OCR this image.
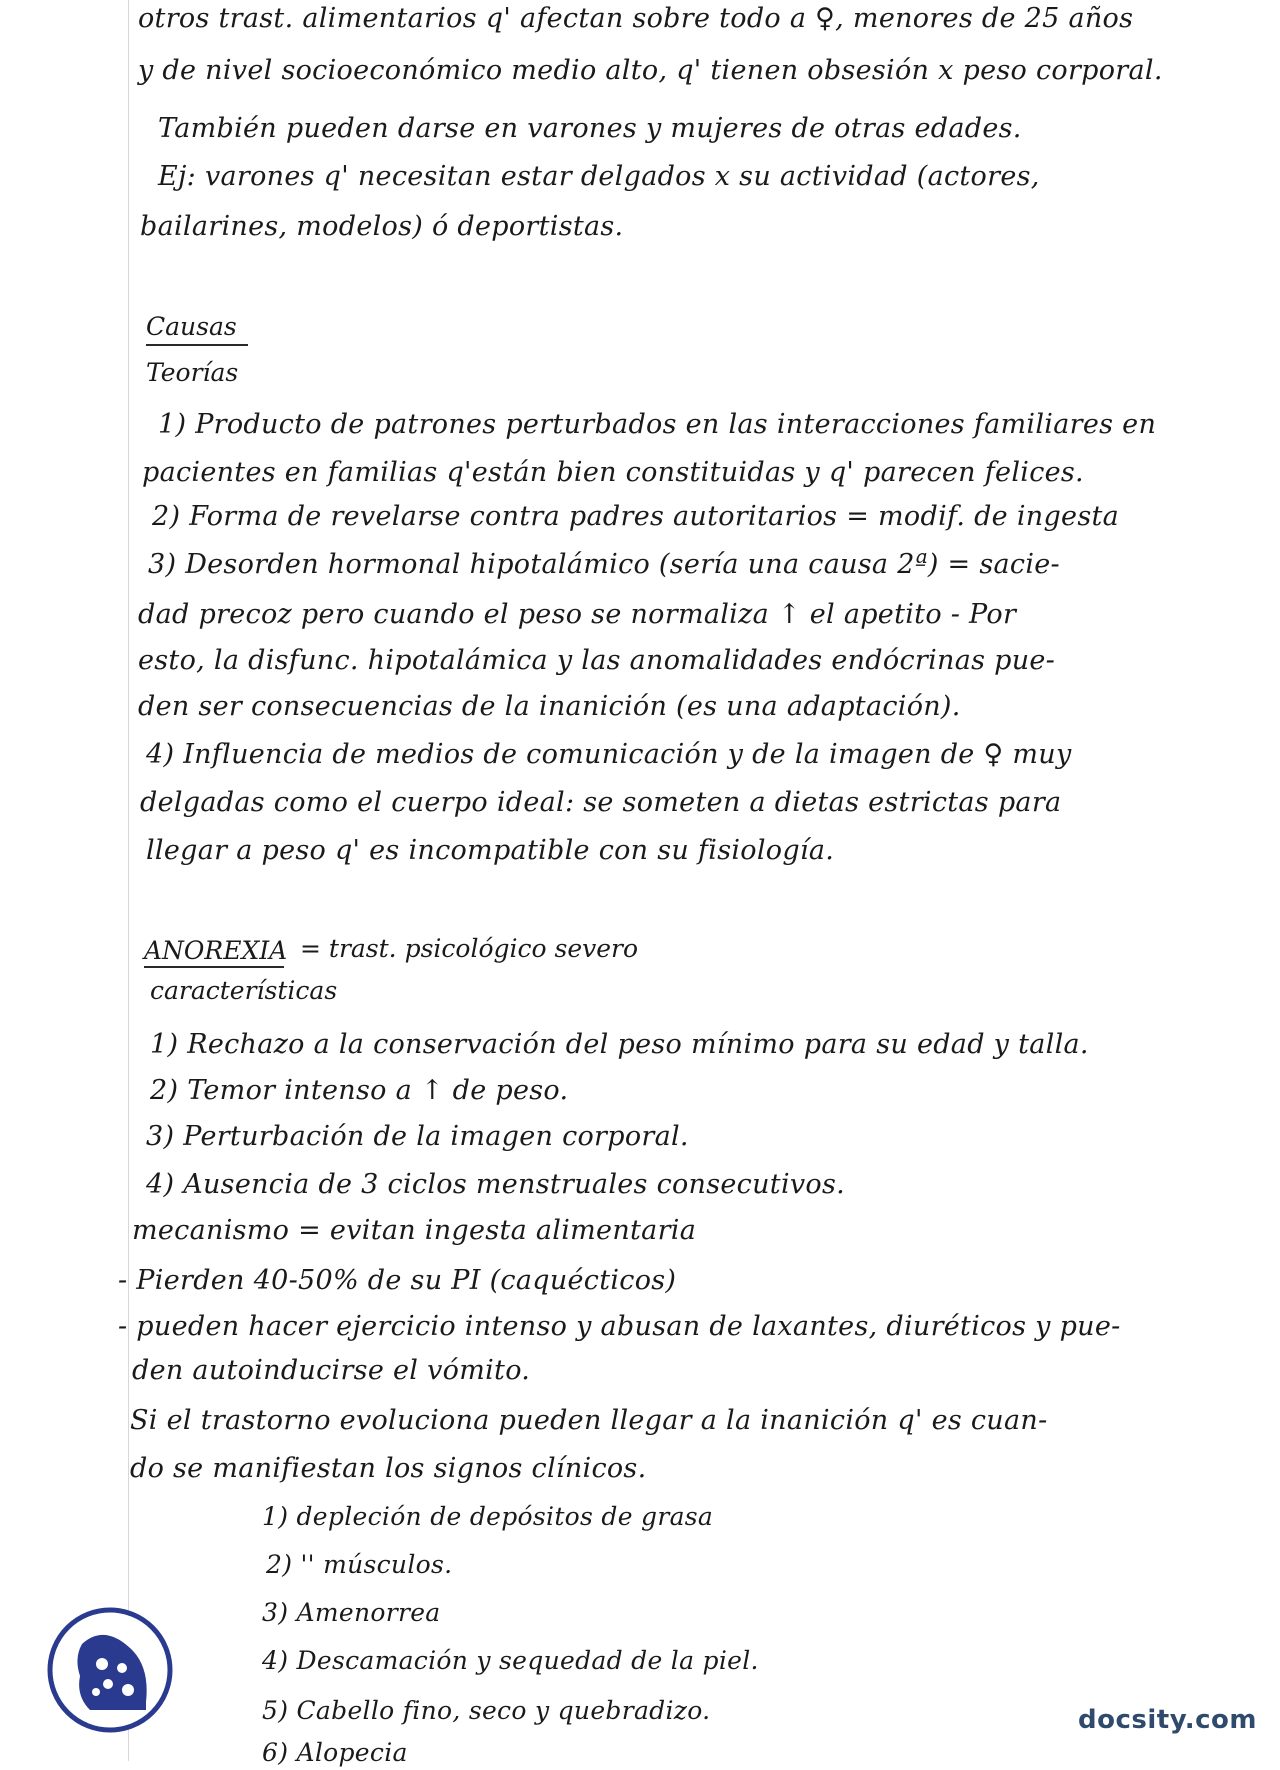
otros trast. alimentarios q' afectan sobre todo a ♀, menores de 25 años
y de nivel socioeconómico medio alto, q' tienen obsesión x peso corporal.
También pueden darse en varones y mujeres de otras edades.
Ej: varones q' necesitan estar delgados x su actividad (actores,
bailarines, modelos) ó deportistas.
Causas
Teorías
1) Producto de patrones perturbados en las interacciones familiares en
pacientes en familias q'están bien constituidas y q' parecen felices.
2) Forma de revelarse contra padres autoritarios = modif. de ingesta
3) Desorden hormonal hipotalámico (sería una causa 2ª) = sacie-
dad precoz pero cuando el peso se normaliza ↑ el apetito - Por
esto, la disfunc. hipotalámica y las anomalidades endócrinas pue-
den ser consecuencias de la inanición (es una adaptación).
4) Influencia de medios de comunicación y de la imagen de ♀ muy
delgadas como el cuerpo ideal: se someten a dietas estrictas para
llegar a peso q' es incompatible con su fisiología.
ANOREXIA = trast. psicológico severo
características
1) Rechazo a la conservación del peso mínimo para su edad y talla.
2) Temor intenso a ↑ de peso.
3) Perturbación de la imagen corporal.
4) Ausencia de 3 ciclos menstruales consecutivos.
mecanismo = evitan ingesta alimentaria
- Pierden 40-50% de su PI (caquécticos)
- pueden hacer ejercicio intenso y abusan de laxantes, diuréticos y pue-
den autoinducirse el vómito.
Si el trastorno evoluciona pueden llegar a la inanición q' es cuan-
do se manifiestan los signos clínicos.
1) depleción de depósitos de grasa
2) '' músculos.
3) Amenorrea
4) Descamación y sequedad de la piel.
5) Cabello fino, seco y quebradizo.
6) Alopecia
docsity.com
